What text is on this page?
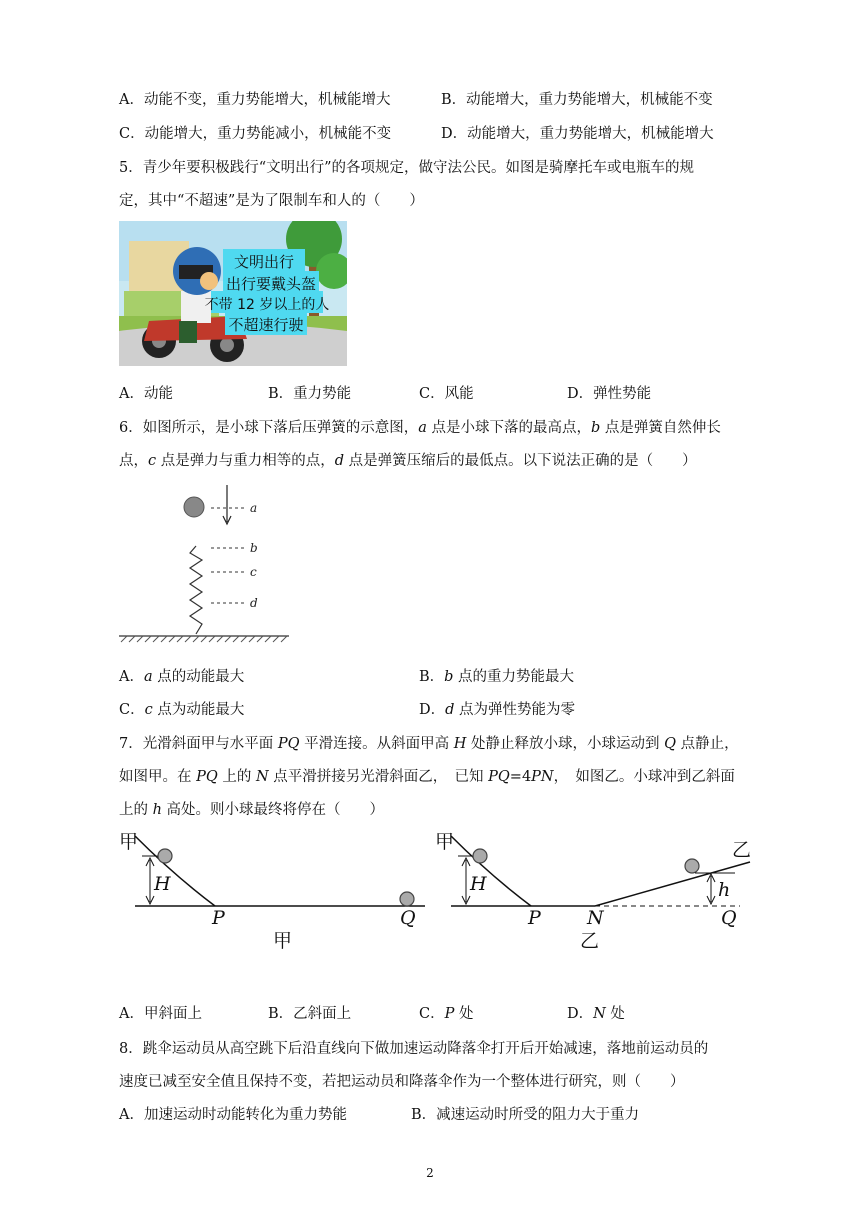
A．动能不变，重力势能增大，机械能增大	B．动能增大，重力势能增大，机械能不变
C．动能增大，重力势能减小，机械能不变	D．动能增大，重力势能增大，机械能增大
5．青少年要积极践行“文明出行”的各项规定，做守法公民。如图是骑摩托车或电瓶车的规
定，其中“不超速”是为了限制车和人的（　　）
文明出行
出行要戴头盔
不带 12 岁以上的人
不超速行驶
A．动能	B．重力势能	C．风能	D．弹性势能
6．如图所示，是小球下落后压弹簧的示意图，a 点是小球下落的最高点，b 点是弹簧自然伸长
点，c 点是弹力与重力相等的点，d 点是弹簧压缩后的最低点。以下说法正确的是（　　）
a
b
c
d
A．a 点的动能最大	B．b 点的重力势能最大
C．c 点为动能最大	D．d 点为弹性势能为零
7．光滑斜面甲与水平面 PQ 平滑连接。从斜面甲高 H 处静止释放小球，小球运动到 Q 点静止，
如图甲。在 PQ 上的 N 点平滑拼接另光滑斜面乙，　已知 PQ=4PN，　如图乙。小球冲到乙斜面
上的 h 高处。则小球最终将停在（　　）
甲
H
P	Q
甲
甲
H	h
乙
P N	Q
乙
A．甲斜面上	B．乙斜面上	C．P 处	D．N 处
8．跳伞运动员从高空跳下后沿直线向下做加速运动降落伞打开后开始减速，落地前运动员的
速度已减至安全值且保持不变，若把运动员和降落伞作为一个整体进行研究，则（　　）
A．加速运动时动能转化为重力势能	B．减速运动时所受的阻力大于重力
2
